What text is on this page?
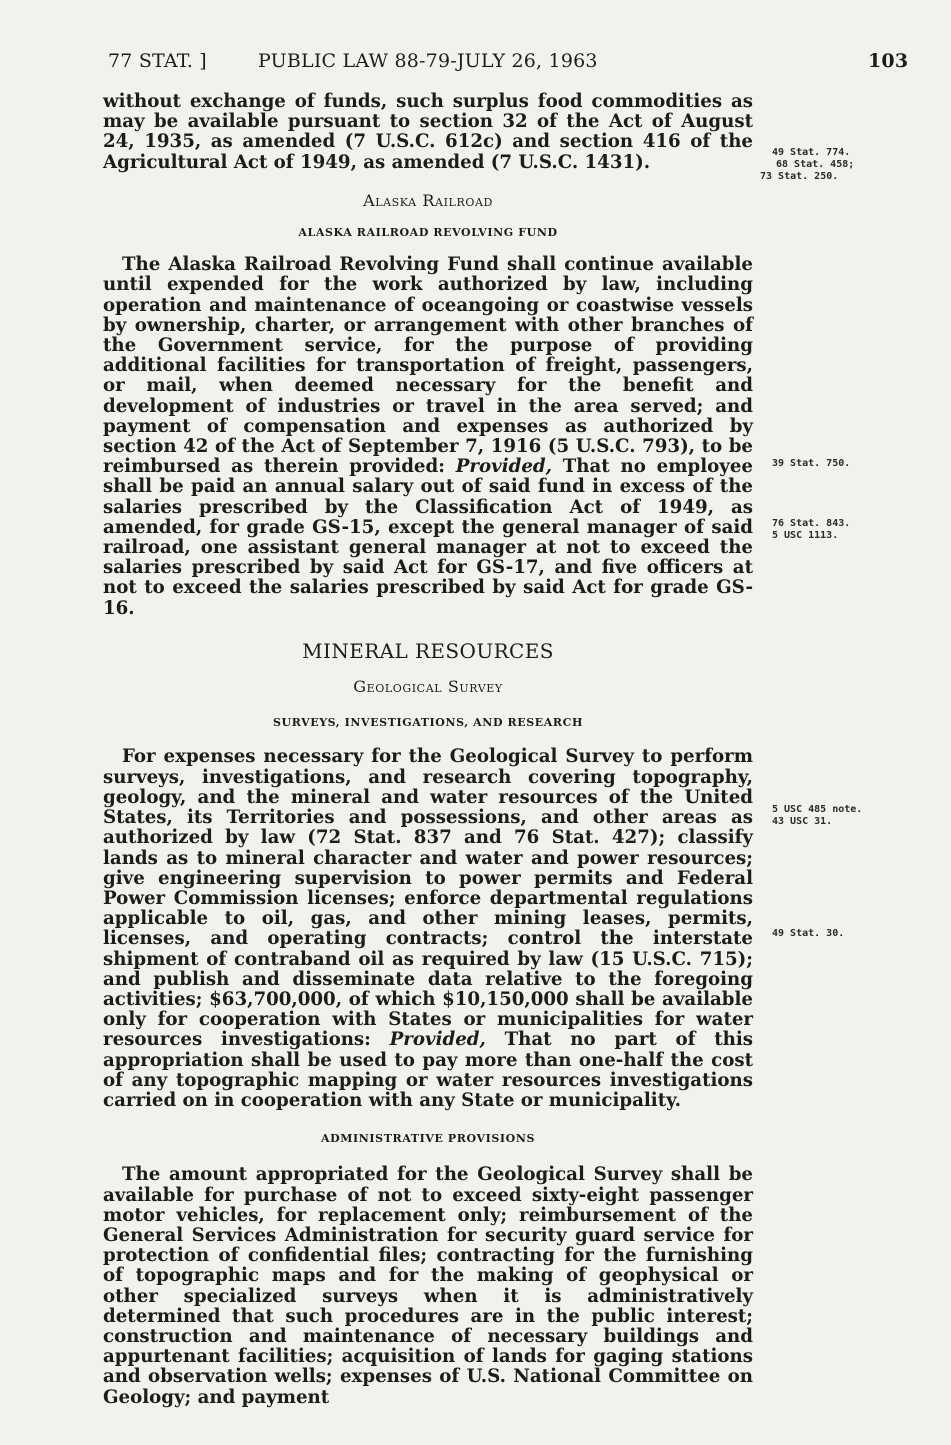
77 STAT. ]	PUBLIC LAW 88-79-JULY 26, 1963	103

without exchange of funds, such surplus food commodities as may be available pursuant to section 32 of the Act of August 24, 1935, as amended (7 U.S.C. 612c) and section 416 of the Agricultural Act of 1949, as amended (7 U.S.C. 1431).

Alaska Railroad

ALASKA RAILROAD REVOLVING FUND

The Alaska Railroad Revolving Fund shall continue available until expended for the work authorized by law, including operation and maintenance of oceangoing or coastwise vessels by ownership, charter, or arrangement with other branches of the Government service, for the purpose of providing additional facilities for transportation of freight, passengers, or mail, when deemed necessary for the benefit and development of industries or travel in the area served; and payment of compensation and expenses as authorized by section 42 of the Act of September 7, 1916 (5 U.S.C. 793), to be reimbursed as therein provided: Provided, That no employee shall be paid an annual salary out of said fund in excess of the salaries prescribed by the Classification Act of 1949, as amended, for grade GS-15, except the general manager of said railroad, one assistant general manager at not to exceed the salaries prescribed by said Act for GS-17, and five officers at not to exceed the salaries prescribed by said Act for grade GS-16.

MINERAL RESOURCES

Geological Survey

SURVEYS, INVESTIGATIONS, AND RESEARCH

For expenses necessary for the Geological Survey to perform surveys, investigations, and research covering topography, geology, and the mineral and water resources of the United States, its Territories and possessions, and other areas as authorized by law (72 Stat. 837 and 76 Stat. 427); classify lands as to mineral character and water and power resources; give engineering supervision to power permits and Federal Power Commission licenses; enforce departmental regulations applicable to oil, gas, and other mining leases, permits, licenses, and operating contracts; control the interstate shipment of contraband oil as required by law (15 U.S.C. 715); and publish and disseminate data relative to the foregoing activities; $63,700,000, of which $10,150,000 shall be available only for cooperation with States or municipalities for water resources investigations: Provided, That no part of this appropriation shall be used to pay more than one-half the cost of any topographic mapping or water resources investigations carried on in cooperation with any State or municipality.

ADMINISTRATIVE PROVISIONS

The amount appropriated for the Geological Survey shall be available for purchase of not to exceed sixty-eight passenger motor vehicles, for replacement only; reimbursement of the General Services Administration for security guard service for protection of confidential files; contracting for the furnishing of topographic maps and for the making of geophysical or other specialized surveys when it is administratively determined that such procedures are in the public interest; construction and maintenance of necessary buildings and appurtenant facilities; acquisition of lands for gaging stations and observation wells; expenses of U.S. National Committee on Geology; and payment

49 Stat. 774.
68 Stat. 458;
73 Stat. 250.
39 Stat. 750.
76 Stat. 843.
5 USC 1113.
5 USC 485 note.
43 USC 31.
49 Stat. 30.
